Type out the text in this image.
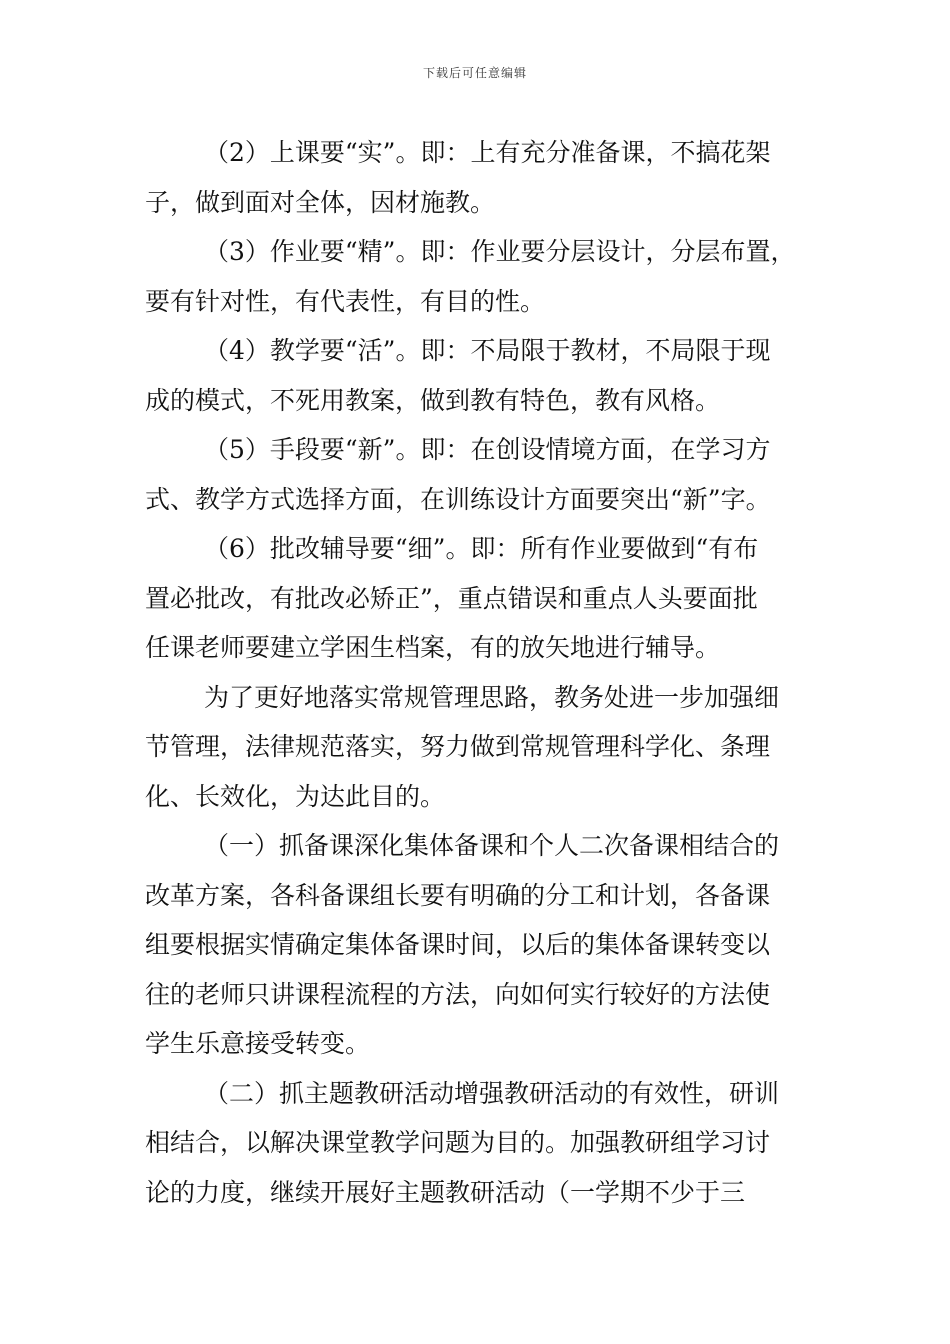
下载后可任意编辑
（2）上课要“实”。即：上有充分准备课，不搞花架
子，做到面对全体，因材施教。
（3）作业要“精”。即：作业要分层设计，分层布置，
要有针对性，有代表性，有目的性。
（4）教学要“活”。即：不局限于教材，不局限于现
成的模式，不死用教案，做到教有特色，教有风格。
（5）手段要“新”。即：在创设情境方面，在学习方
式、教学方式选择方面，在训练设计方面要突出“新”字。
（6）批改辅导要“细”。即：所有作业要做到“有布
置必批改，有批改必矫正”，重点错误和重点人头要面批
任课老师要建立学困生档案，有的放矢地进行辅导。
为了更好地落实常规管理思路，教务处进一步加强细
节管理，法律规范落实，努力做到常规管理科学化、条理
化、长效化，为达此目的。
（一）抓备课深化集体备课和个人二次备课相结合的
改革方案，各科备课组长要有明确的分工和计划，各备课
组要根据实情确定集体备课时间，以后的集体备课转变以
往的老师只讲课程流程的方法，向如何实行较好的方法使
学生乐意接受转变。
（二）抓主题教研活动增强教研活动的有效性，研训
相结合，以解决课堂教学问题为目的。加强教研组学习讨
论的力度，继续开展好主题教研活动（一学期不少于三
